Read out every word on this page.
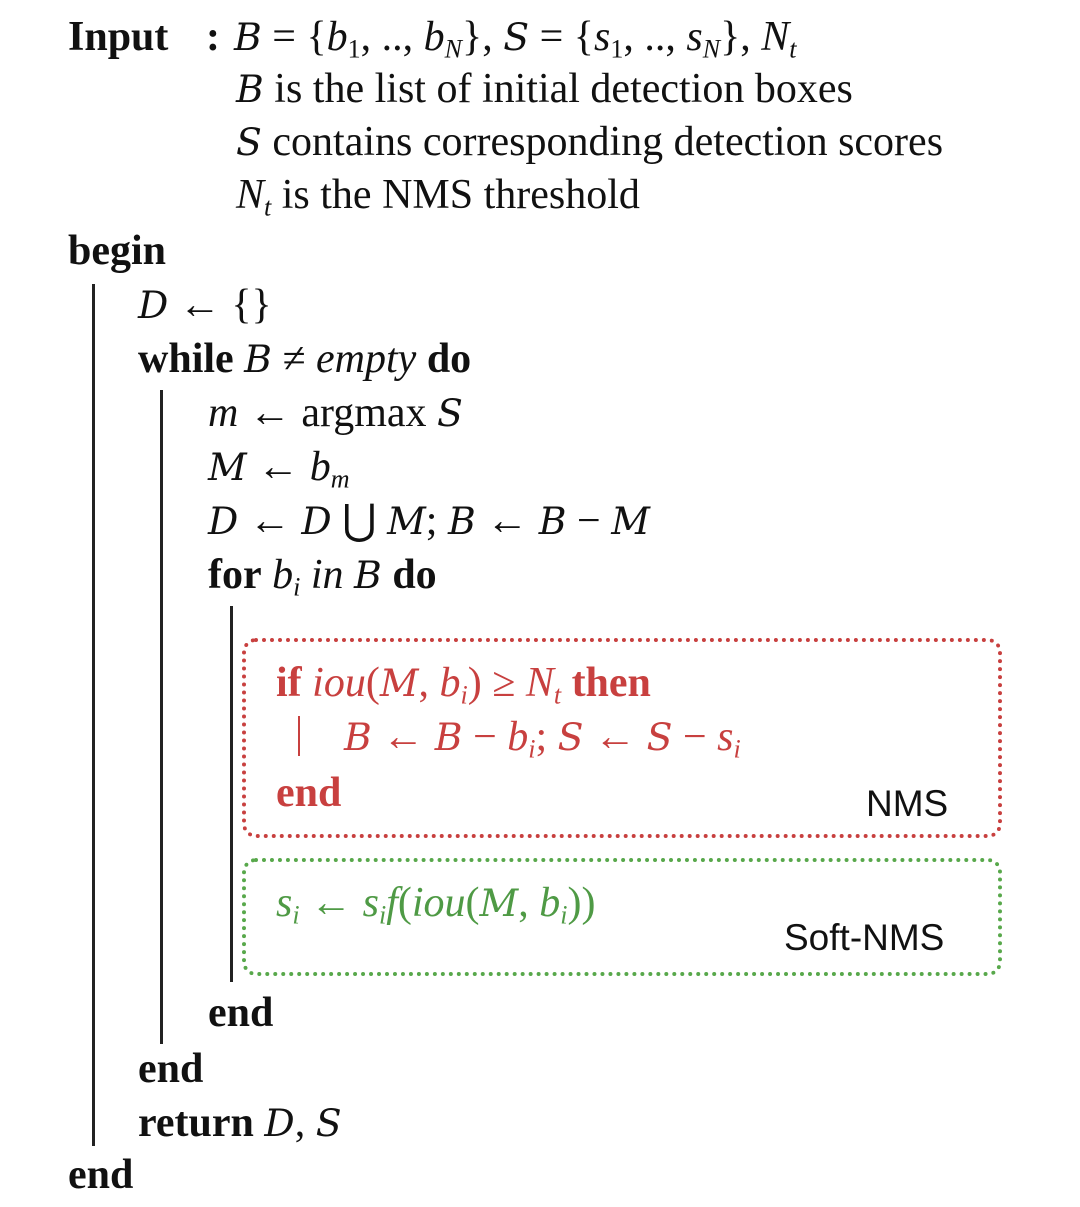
Input : $B = \{b_1$, .., $b_N$}, $S = \{s_1$, .., $s_N$}, $N_t$
B is the list of initial detection boxes
S contains corresponding detection scores
$N_t$ is the NMS threshold
begin
D ← {}
while B ≠ empty do
m ← argmax S
M ← $b_m$
D ← D ⋃ M; B ← B − M
for $b_i$ in B do
if iou(M, $b_i) \ge N_t$ then
B ← $B - b_i$; S ← $S - s_i$
end	NMS
$s_i$ ← $s_if(iou(M$, $b_i$))
Soft-NMS
end
end
return D, S
end
